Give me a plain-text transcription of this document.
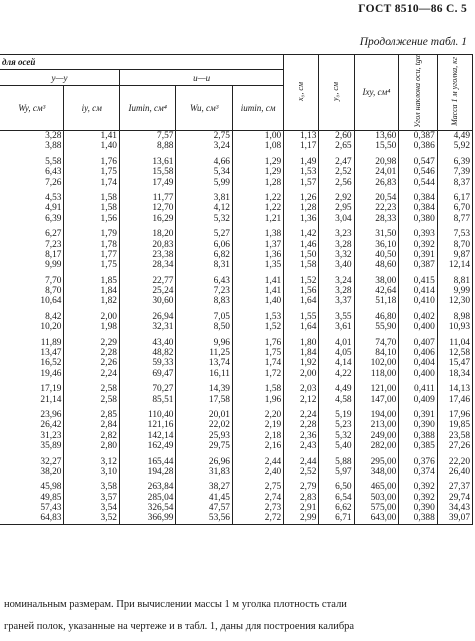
ГОСТ 8510—86 С. 5
Продолжение табл. 1
для осей					x₀, см	y₀, см	Ixy, см⁴	Угол наклона оси, tgα	Масса 1 м уголка, кг
y—y		u—u							
Wy, см³	iy, см	Iumin, см⁴	Wu, см³	iumin, см					
3,28	1,41	7,57	2,75	1,00	1,13	2,60	13,60	0,387	4,49
3,88	1,40	8,88	3,24	1,08	1,17	2,65	15,50	0,386	5,92

5,58	1,76	13,61	4,66	1,29	1,49	2,47	20,98	0,547	6,39
6,43	1,75	15,58	5,34	1,29	1,53	2,52	24,01	0,546	7,39
7,26	1,74	17,49	5,99	1,28	1,57	2,56	26,83	0,544	8,37

4,53	1,58	11,77	3,81	1,22	1,26	2,92	20,54	0,384	6,17
4,91	1,58	12,70	4,12	1,22	1,28	2,95	22,23	0,384	6,70
6,39	1,56	16,29	5,32	1,21	1,36	3,04	28,33	0,380	8,77

6,27	1,79	18,20	5,27	1,38	1,42	3,23	31,50	0,393	7,53
7,23	1,78	20,83	6,06	1,37	1,46	3,28	36,10	0,392	8,70
8,17	1,77	23,38	6,82	1,36	1,50	3,32	40,50	0,391	9,87
9,99	1,75	28,34	8,31	1,35	1,58	3,40	48,60	0,387	12,14

7,70	1,85	22,77	6,43	1,41	1,52	3,24	38,00	0,415	8,81
8,70	1,84	25,24	7,23	1,41	1,56	3,28	42,64	0,414	9,99
10,64	1,82	30,60	8,83	1,40	1,64	3,37	51,18	0,410	12,30

8,42	2,00	26,94	7,05	1,53	1,55	3,55	46,80	0,402	8,98
10,20	1,98	32,31	8,50	1,52	1,64	3,61	55,90	0,400	10,93

11,89	2,29	43,40	9,96	1,76	1,80	4,01	74,70	0,407	11,04
13,47	2,28	48,82	11,25	1,75	1,84	4,05	84,10	0,406	12,58
16,52	2,26	59,33	13,74	1,74	1,92	4,14	102,00	0,404	15,47
19,46	2,24	69,47	16,11	1,72	2,00	4,22	118,00	0,400	18,34

17,19	2,58	70,27	14,39	1,58	2,03	4,49	121,00	0,411	14,13
21,14	2,58	85,51	17,58	1,96	2,12	4,58	147,00	0,409	17,46

23,96	2,85	110,40	20,01	2,20	2,24	5,19	194,00	0,391	17,96
26,42	2,84	121,16	22,02	2,19	2,28	5,23	213,00	0,390	19,85
31,23	2,82	142,14	25,93	2,18	2,36	5,32	249,00	0,388	23,58
35,89	2,80	162,49	29,75	2,16	2,43	5,40	282,00	0,385	27,26

32,27	3,12	165,44	26,96	2,44	2,44	5,88	295,00	0,376	22,20
38,20	3,10	194,28	31,83	2,40	2,52	5,97	348,00	0,374	26,40

45,98	3,58	263,84	38,27	2,75	2,79	6,50	465,00	0,392	27,37
49,85	3,57	285,04	41,45	2,74	2,83	6,54	503,00	0,392	29,74
57,43	3,54	326,54	47,57	2,73	2,91	6,62	575,00	0,390	34,43
64,83	3,52	366,99	53,56	2,72	2,99	6,71	643,00	0,388	39,07
номинальным размерам. При вычислении массы 1 м уголка плотность стали
граней полок, указанные на чертеже и в табл. 1, даны для построения калибра
